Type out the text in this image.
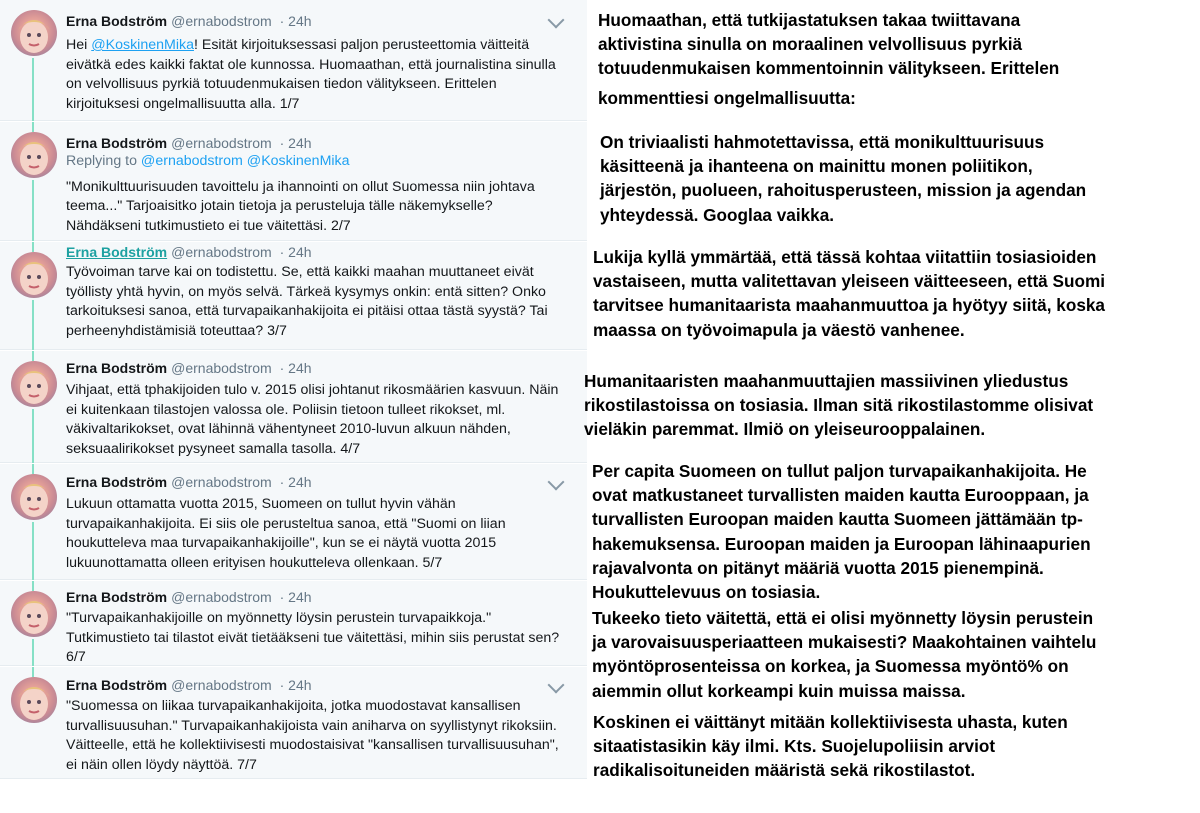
Erna Bodström @ernabodstrom · 24h
Hei @KoskinenMika! Esität kirjoituksessasi paljon perusteettomia väitteitä eivätkä edes kaikki faktat ole kunnossa. Huomaathan, että journalistina sinulla on velvollisuus pyrkiä totuudenmukaisen tiedon välitykseen. Erittelen kirjoituksesi ongelmallisuutta alla. 1/7
Erna Bodström @ernabodstrom · 24h
Replying to @ernabodstrom @KoskinenMika
"Monikulttuurisuuden tavoittelu ja ihannointi on ollut Suomessa niin johtava teema..." Tarjoaisitko jotain tietoja ja perusteluja tälle näkemykselle? Nähdäkseni tutkimustieto ei tue väitettäsi. 2/7
Erna Bodström @ernabodstrom · 24h
Työvoiman tarve kai on todistettu. Se, että kaikki maahan muuttaneet eivät työllisty yhtä hyvin, on myös selvä. Tärkeä kysymys onkin: entä sitten? Onko tarkoituksesi sanoa, että turvapaikanhakijoita ei pitäisi ottaa tästä syystä? Tai perheenyhdistämisiä toteuttaa? 3/7
Erna Bodström @ernabodstrom · 24h
Vihjaat, että tphakijoiden tulo v. 2015 olisi johtanut rikosmäärien kasvuun. Näin ei kuitenkaan tilastojen valossa ole. Poliisin tietoon tulleet rikokset, ml. väkivaltarikokset, ovat lähinnä vähentyneet 2010-luvun alkuun nähden, seksuaalirikokset pysyneet samalla tasolla. 4/7
Erna Bodström @ernabodstrom · 24h
Lukuun ottamatta vuotta 2015, Suomeen on tullut hyvin vähän turvapaikanhakijoita. Ei siis ole perusteltua sanoa, että "Suomi on liian houkutteleva maa turvapaikanhakijoille", kun se ei näytä vuotta 2015 lukuunottamatta olleen erityisen houkutteleva ollenkaan. 5/7
Erna Bodström @ernabodstrom · 24h
"Turvapaikanhakijoille on myönnetty löysin perustein turvapaikkoja." Tutkimustieto tai tilastot eivät tietääkseni tue väitettäsi, mihin siis perustat sen? 6/7
Erna Bodström @ernabodstrom · 24h
"Suomessa on liikaa turvapaikanhakijoita, jotka muodostavat kansallisen turvallisuusuhan." Turvapaikanhakijoista vain aniharva on syyllistynyt rikoksiin. Väitteelle, että he kollektiivisesti muodostaisivat "kansallisen turvallisuusuhan", ei näin ollen löydy näyttöä. 7/7
Huomaathan, että tutkijastatuksen takaa twiittavana
aktivistina sinulla on moraalinen velvollisuus pyrkiä
totuudenmukaisen kommentoinnin välitykseen. Erittelen
kommenttiesi ongelmallisuutta:
On triviaalisti hahmotettavissa, että monikulttuurisuus
käsitteenä ja ihanteena on mainittu monen poliitikon,
järjestön, puolueen, rahoitusperusteen, mission ja agendan
yhteydessä. Googlaa vaikka.
Lukija kyllä ymmärtää, että tässä kohtaa viitattiin tosiasioiden
vastaiseen, mutta valitettavan yleiseen väitteeseen, että Suomi
tarvitsee humanitaarista maahanmuuttoa ja hyötyy siitä, koska
maassa on työvoimapula ja väestö vanhenee.
Humanitaaristen maahanmuuttajien massiivinen yliedustus
rikostilastoissa on tosiasia. Ilman sitä rikostilastomme olisivat
vieläkin paremmat. Ilmiö on yleiseurooppalainen.
Per capita Suomeen on tullut paljon turvapaikanhakijoita. He
ovat matkustaneet turvallisten maiden kautta Eurooppaan, ja
turvallisten Euroopan maiden kautta Suomeen jättämään tp-
hakemuksensa. Euroopan maiden ja Euroopan lähinaapurien
rajavalvonta on pitänyt määriä vuotta 2015 pienempinä.
Houkuttelevuus on tosiasia.
Tukeeko tieto väitettä, että ei olisi myönnetty löysin perustein
ja varovaisuusperiaatteen mukaisesti? Maakohtainen vaihtelu
myöntöprosenteissa on korkea, ja Suomessa myöntö% on
aiemmin ollut korkeampi kuin muissa maissa.
Koskinen ei väittänyt mitään kollektiivisesta uhasta, kuten
sitaatistasikin käy ilmi. Kts. Suojelupoliisin arviot
radikalisoituneiden määristä sekä rikostilastot.
